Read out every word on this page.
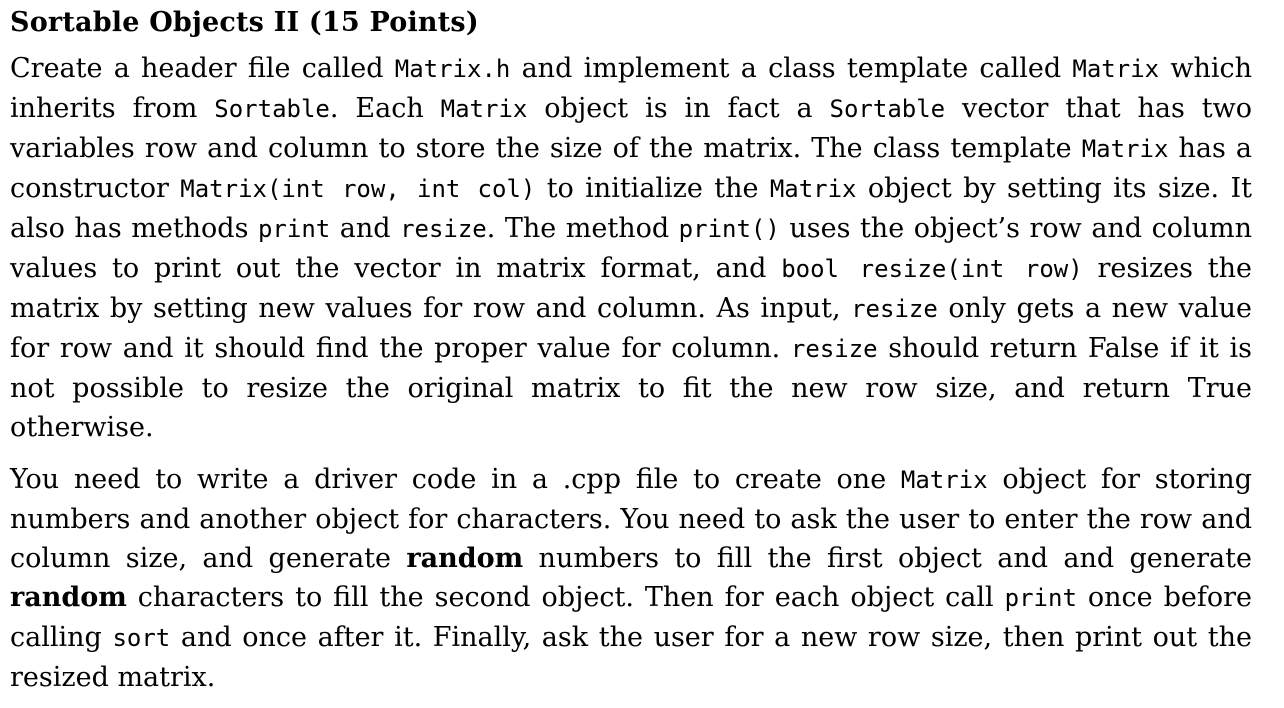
Sortable Objects II (15 Points)

Create a header file called Matrix.h and implement a class template called Matrix which inherits from Sortable. Each Matrix object is in fact a Sortable vector that has two variables row and column to store the size of the matrix. The class template Matrix has a constructor Matrix(int row, int col) to initialize the Matrix object by setting its size. It also has methods print and resize. The method print() uses the object’s row and column values to print out the vector in matrix format, and bool resize(int row) resizes the matrix by setting new values for row and column. As input, resize only gets a new value for row and it should find the proper value for column. resize should return False if it is not possible to resize the original matrix to fit the new row size, and return True otherwise.

You need to write a driver code in a .cpp file to create one Matrix object for storing numbers and another object for characters. You need to ask the user to enter the row and column size, and generate random numbers to fill the first object and and generate random characters to fill the second object. Then for each object call print once before calling sort and once after it. Finally, ask the user for a new row size, then print out the resized matrix.
